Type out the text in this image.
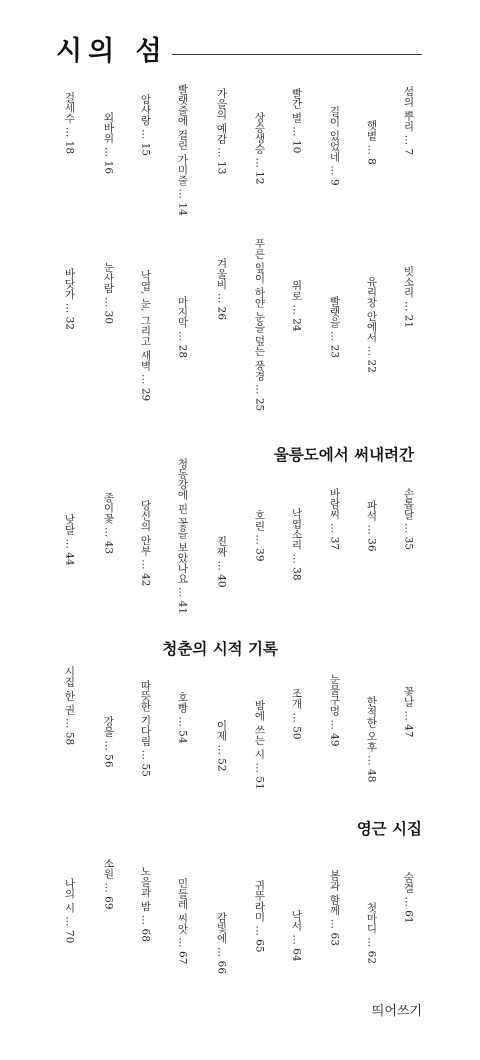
시의 섬
울릉도에서 써내려간
청춘의 시적 기록
영근 시집
섬의 뿌리 … 7
햇볕 … 8
길이 있었네 … 9
빨간 별 … 10
상승생승 … 12
가을의 예감 … 13
빨랫줄에 걸린 가미줄 … 14
암사랑 … 15
외바위 … 16
걸세수 … 18
빗소리 … 21
유리창 안에서 … 22
빨랫을 … 23
위로 … 24
푸른 잎이 하얀 눈을 덮는 풍경 … 25
겨울비 … 26
마지막 … 28
낙엽, 눈, 그리고 새벽 … 29
눈사람 … 30
바닷가 … 32
손톱달 … 35
파석 … 36
바람씨 … 37
낙엽소리 … 38
호린 … 39
진짜 … 40
청동강에 핀 꽃을 보았나요 … 41
당신의 안부 … 42
종이꽃 … 43
낮달 … 44
꽃날 … 47
한적한 오후 … 48
눈물구멍 … 49
조개 … 50
밤에 쓰는 시 … 51
이제 … 52
호빵 … 54
따뜻한 기다림 … 55
강물 … 56
시집 한 권 … 58
숨결 … 61
첫마디 … 62
봄과 함께 … 63
낙서 … 64
귀뚜라미 … 65
감빛에 … 66
민들레 씨앗 … 67
노을과 밤 … 68
소원 … 69
나의 시 … 70
띄어쓰기
